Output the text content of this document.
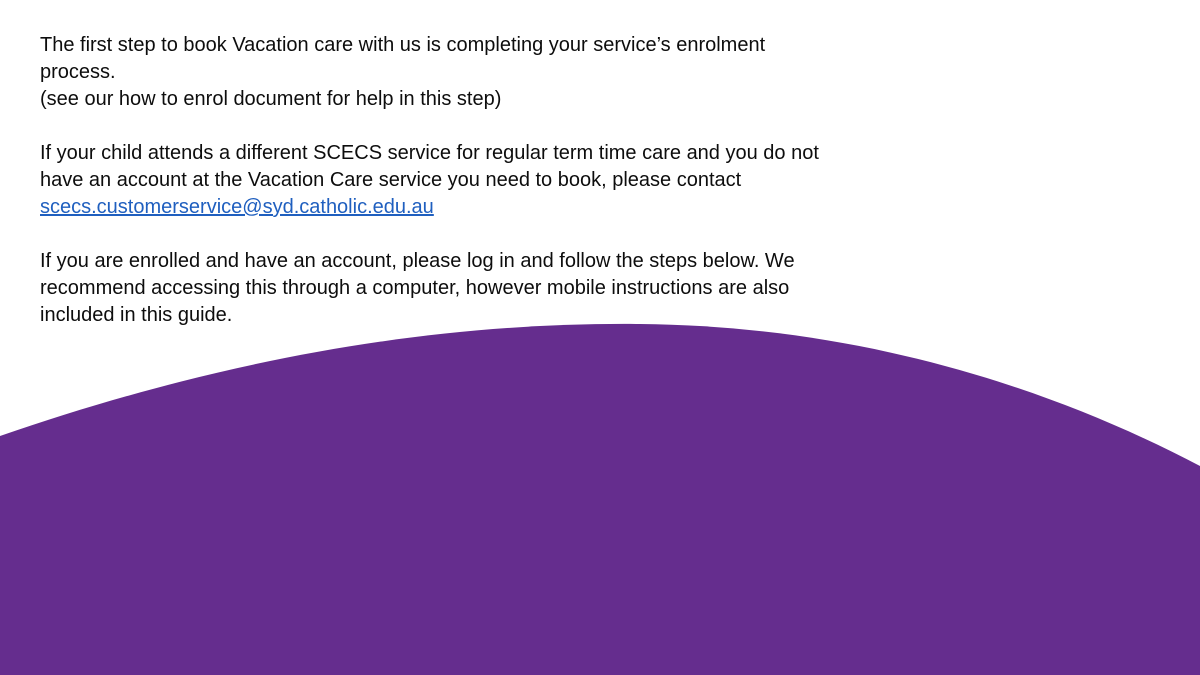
The first step to book Vacation care with us is completing your service’s enrolment process.

(see our how to enrol document for help in this step)

If your child attends a different SCECS service for regular term time care and you do not have an account at the Vacation Care service you need to book, please contact
scecs.customerservice@syd.catholic.edu.au

If you are enrolled and have an account, please log in and follow the steps below. We recommend accessing this through a computer, however mobile instructions are also included in this guide.
